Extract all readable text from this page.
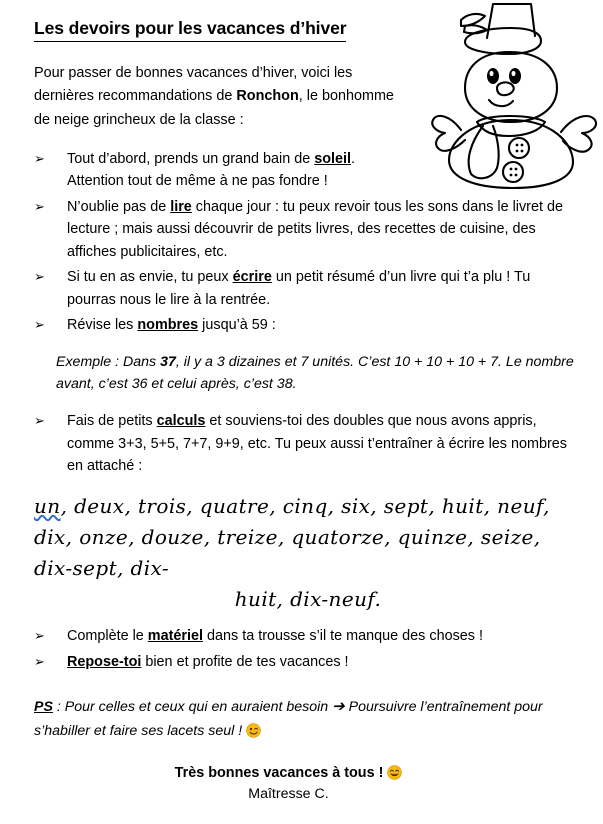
Les devoirs pour les vacances d’hiver

Pour passer de bonnes vacances d’hiver, voici les dernières recommandations de Ronchon, le bonhomme de neige grincheux de la classe :

➢ Tout d’abord, prends un grand bain de soleil. Attention tout de même à ne pas fondre !
➢ N’oublie pas de lire chaque jour : tu peux revoir tous les sons dans le livret de lecture ; mais aussi découvrir de petits livres, des recettes de cuisine, des affiches publicitaires, etc.
➢ Si tu en as envie, tu peux écrire un petit résumé d’un livre qui t’a plu ! Tu pourras nous le lire à la rentrée.
➢ Révise les nombres jusqu’à 59 :

Exemple : Dans 37, il y a 3 dizaines et 7 unités. C’est 10 + 10 + 10 + 7. Le nombre avant, c’est 36 et celui après, c’est 38.

➢ Fais de petits calculs et souviens-toi des doubles que nous avons appris, comme 3+3, 5+5, 7+7, 9+9, etc. Tu peux aussi t’entraîner à écrire les nombres en attaché :
un, deux, trois, quatre, cinq, six, sept, huit, neuf, dix, onze, douze, treize, quatorze, quinze, seize, dix-sept, dix-
huit, dix-neuf.
➢ Complète le matériel dans ta trousse s’il te manque des choses !
➢ Repose-toi bien et profite de tes vacances !

PS : Pour celles et ceux qui en auraient besoin ➔ Poursuivre l’entraînement pour s’habiller et faire ses lacets seul !

Très bonnes vacances à tous !
Maîtresse C.
